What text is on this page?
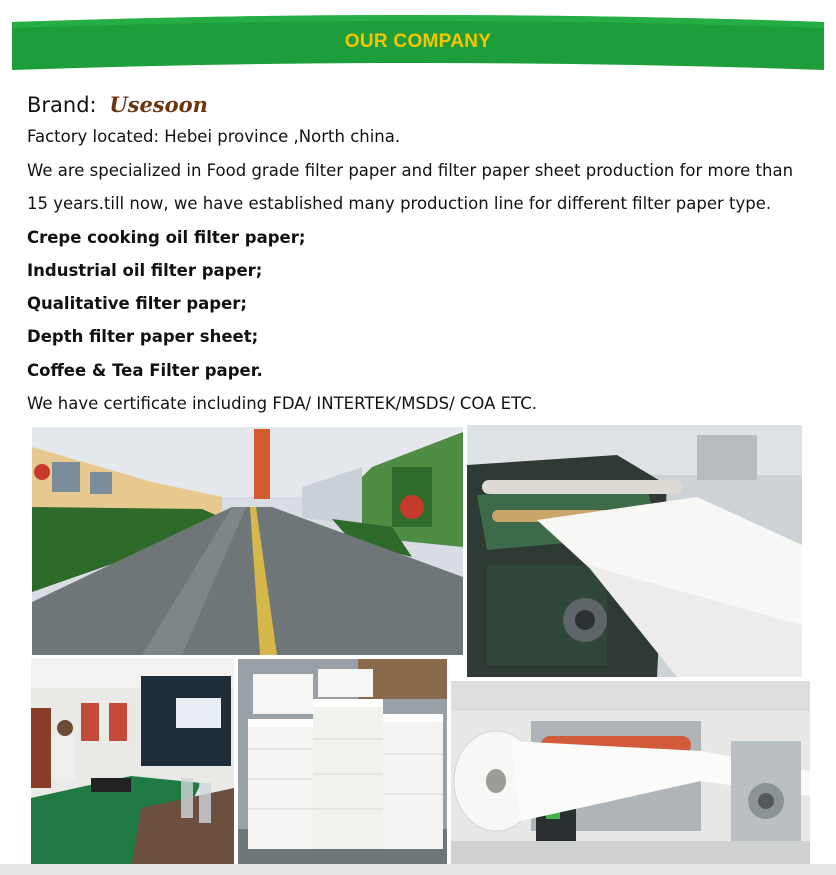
OUR COMPANY
Brand: Usesoon
Factory located: Hebei province ,North china.
We are specialized in Food grade filter paper and filter paper sheet production for more than
15 years.till now, we have established many production line for different filter paper type.
Crepe cooking oil filter paper;
Industrial oil filter paper;
Qualitative filter paper;
Depth filter paper sheet;
Coffee & Tea Filter paper.
We have certificate including FDA/ INTERTEK/MSDS/ COA ETC.
